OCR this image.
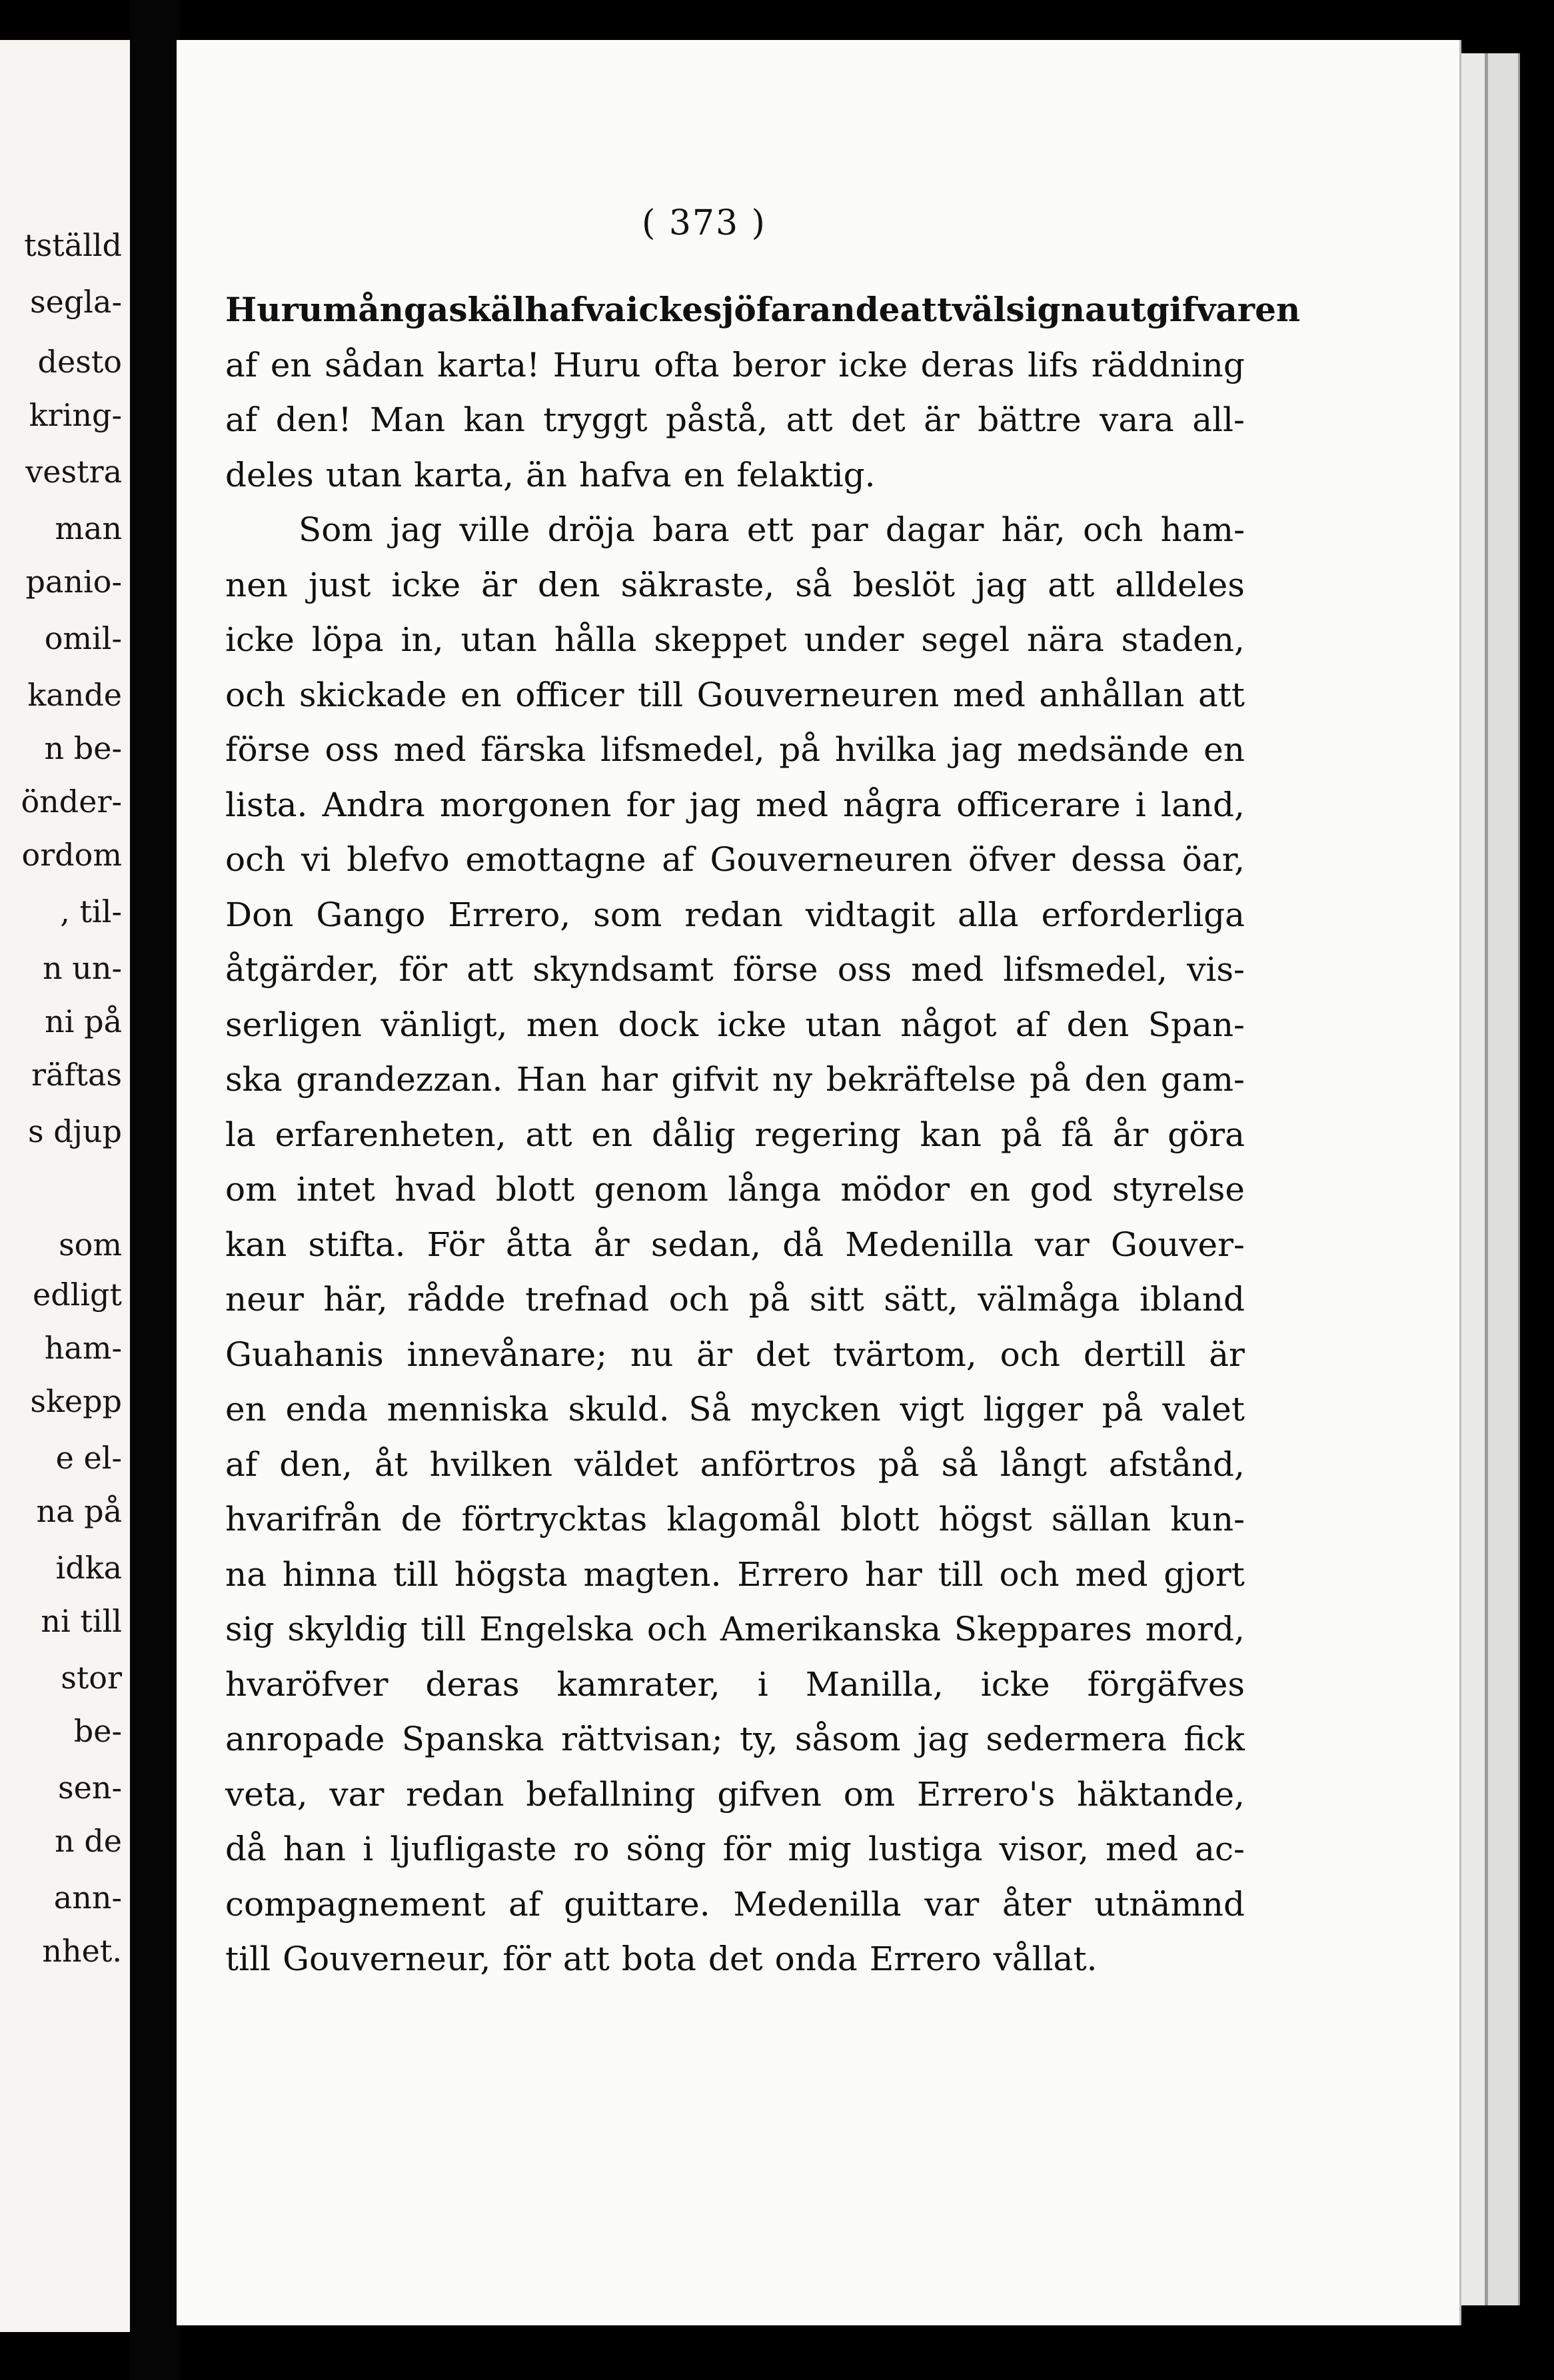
tställd
segla-
desto
kring-
vestra
man
panio-
omil-
kande
n be-
önder-
ordom
, til-
n un-
ni på
räftas
s djup
som
edligt
ham-
skepp
e el-
na på
idka
ni till
stor
be-
sen-
n de
ann-
nhet.
( 373 )
Huru många skäl hafva icke sjöfarande att välsigna utgifvaren
af en sådan karta! Huru ofta beror icke deras lifs räddning
af den! Man kan tryggt påstå, att det är bättre vara all-
deles utan karta, än hafva en felaktig.
Som jag ville dröja bara ett par dagar här, och ham-
nen just icke är den säkraste, så beslöt jag att alldeles
icke löpa in, utan hålla skeppet under segel nära staden,
och skickade en officer till Gouverneuren med anhållan att
förse oss med färska lifsmedel, på hvilka jag medsände en
lista. Andra morgonen for jag med några officerare i land,
och vi blefvo emottagne af Gouverneuren öfver dessa öar,
Don Gango Errero, som redan vidtagit alla erforderliga
åtgärder, för att skyndsamt förse oss med lifsmedel, vis-
serligen vänligt, men dock icke utan något af den Span-
ska grandezzan. Han har gifvit ny bekräftelse på den gam-
la erfarenheten, att en dålig regering kan på få år göra
om intet hvad blott genom långa mödor en god styrelse
kan stifta. För åtta år sedan, då Medenilla var Gouver-
neur här, rådde trefnad och på sitt sätt, välmåga ibland
Guahanis innevånare; nu är det tvärtom, och dertill är
en enda menniska skuld. Så mycken vigt ligger på valet
af den, åt hvilken väldet anförtros på så långt afstånd,
hvarifrån de förtrycktas klagomål blott högst sällan kun-
na hinna till högsta magten. Errero har till och med gjort
sig skyldig till Engelska och Amerikanska Skeppares mord,
hvaröfver deras kamrater, i Manilla, icke förgäfves
anropade Spanska rättvisan; ty, såsom jag sedermera fick
veta, var redan befallning gifven om Errero's häktande,
då han i ljufligaste ro söng för mig lustiga visor, med ac-
compagnement af guittare. Medenilla var åter utnämnd
till Gouverneur, för att bota det onda Errero vållat.
